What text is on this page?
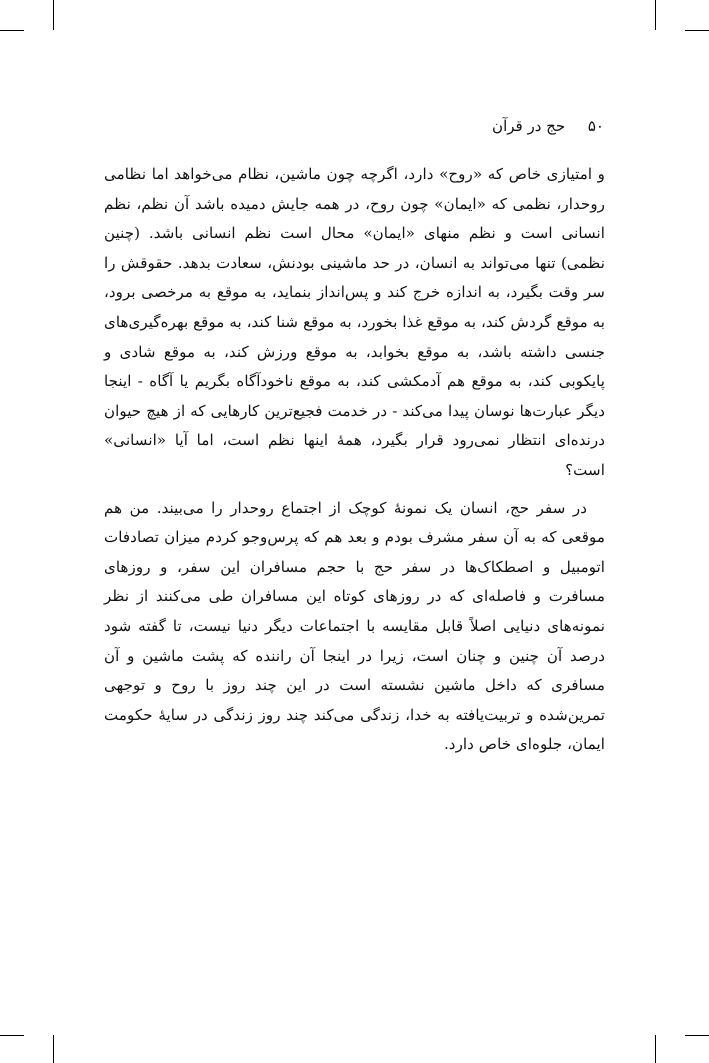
۵۰ حج در قرآن

و امتیازی خاص که «روح» دارد، اگرچه چون ماشین، نظام می‌خواهد اما نظامی روحدار، نظمی که «ایمان» چون روح، در همه جایش دمیده باشد آن نظم، نظم انسانی است و نظم منهای «ایمان» محال است نظم انسانی باشد. (چنین نظمی) تنها می‌تواند به انسان، در حد ماشینی بودنش، سعادت بدهد. حقوقش را سر وقت بگیرد، به اندازه خرج کند و پس‌انداز بنماید، به موقع به مرخصی برود، به موقع گردش کند، به موقع غذا بخورد، به موقع شنا کند، به موقع بهره‌گیری‌های جنسی داشته باشد، به موقع بخوابد، به موقع ورزش کند، به موقع شادی و پایکوبی کند، به موقع هم آدمکشی کند، به موقع ناخودآگاه بگریم یا آگاه - اینجا دیگر عبارت‌ها نوسان پیدا می‌کند - در خدمت فجیع‌ترین کارهایی که از هیچ حیوان درنده‌ای انتظار نمی‌رود قرار بگیرد، همهٔ اینها نظم است، اما آیا «انسانی» است؟

در سفر حج، انسان یک نمونهٔ کوچک از اجتماع روحدار را می‌بیند. من هم موقعی که به آن سفر مشرف بودم و بعد هم که پرس‌وجو کردم میزان تصادفات اتومبیل و اصطکاک‌ها در سفر حج با حجم مسافران این سفر، و روزهای مسافرت و فاصله‌ای که در روزهای کوتاه این مسافران طی می‌کنند از نظر نمونه‌های دنیایی اصلاً قابل مقایسه با اجتماعات دیگر دنیا نیست، تا گفته شود درصد آن چنین و چنان است، زیرا در اینجا آن راننده که پشت ماشین و آن مسافری که داخل ماشین نشسته است در این چند روز با روح و توجهی تمرین‌شده و تربیت‌یافته به خدا، زندگی می‌کند چند روز زندگی در سایهٔ حکومت ایمان، جلوه‌ای خاص دارد.
